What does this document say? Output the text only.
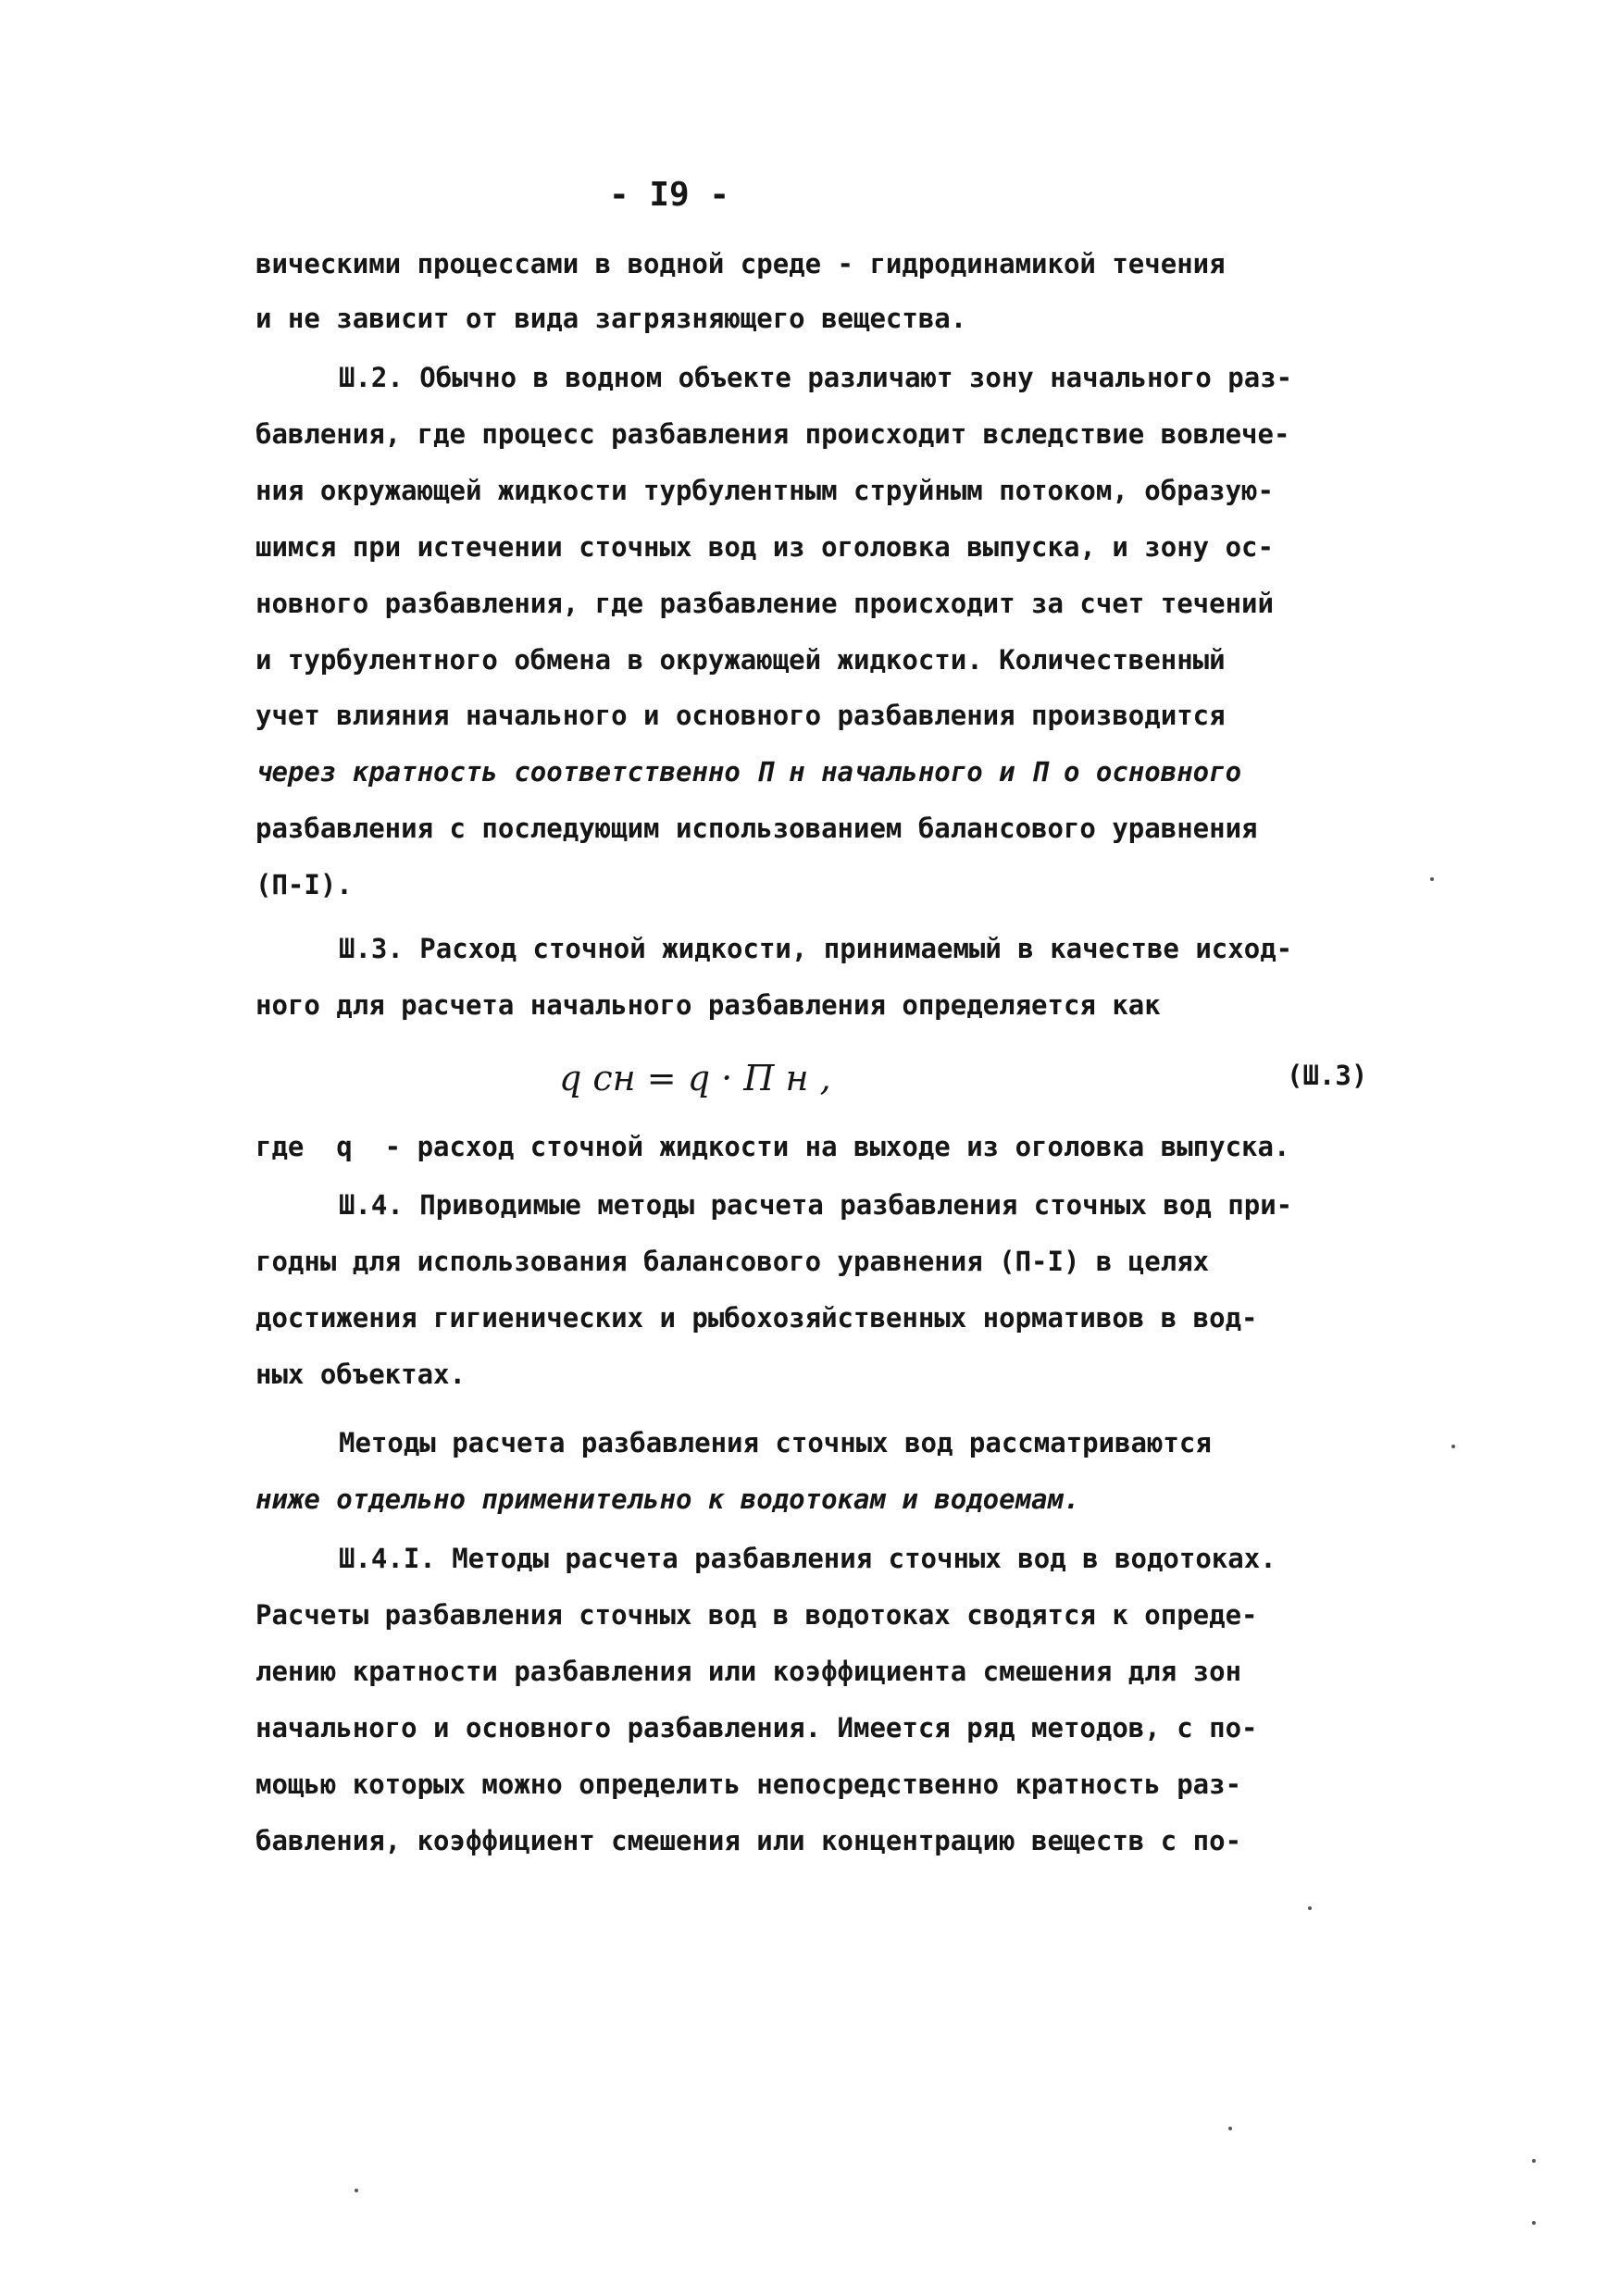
- I9 -
вическими процессами в водной среде - гидродинамикой течения
и не зависит от вида загрязняющего вещества.
Ш.2. Обычно в водном объекте различают зону начального раз-
бавления, где процесс разбавления происходит вследствие вовлече-
ния окружающей жидкости турбулентным струйным потоком, образую-
шимся при истечении сточных вод из оголовка выпуска, и зону ос-
новного разбавления, где разбавление происходит за счет течений
и турбулентного обмена в окружающей жидкости. Количественный
учет влияния начального и основного разбавления производится
через кратность соответственно П н начального и П о основного
разбавления с последующим использованием балансового уравнения
(П-I).
Ш.3. Расход сточной жидкости, принимаемый в качестве исход-
ного для расчета начального разбавления определяется как
q сн = q · П н ,	(Ш.3)
где  q  - расход сточной жидкости на выходе из оголовка выпуска.
Ш.4. Приводимые методы расчета разбавления сточных вод при-
годны для использования балансового уравнения (П-I) в целях
достижения гигиенических и рыбохозяйственных нормативов в вод-
ных объектах.
Методы расчета разбавления сточных вод рассматриваются
ниже отдельно применительно к водотокам и водоемам.
Ш.4.I. Методы расчета разбавления сточных вод в водотоках.
Расчеты разбавления сточных вод в водотоках сводятся к опреде-
лению кратности разбавления или коэффициента смешения для зон
начального и основного разбавления. Имеется ряд методов, с по-
мощью которых можно определить непосредственно кратность раз-
бавления, коэффициент смешения или концентрацию веществ с по-
